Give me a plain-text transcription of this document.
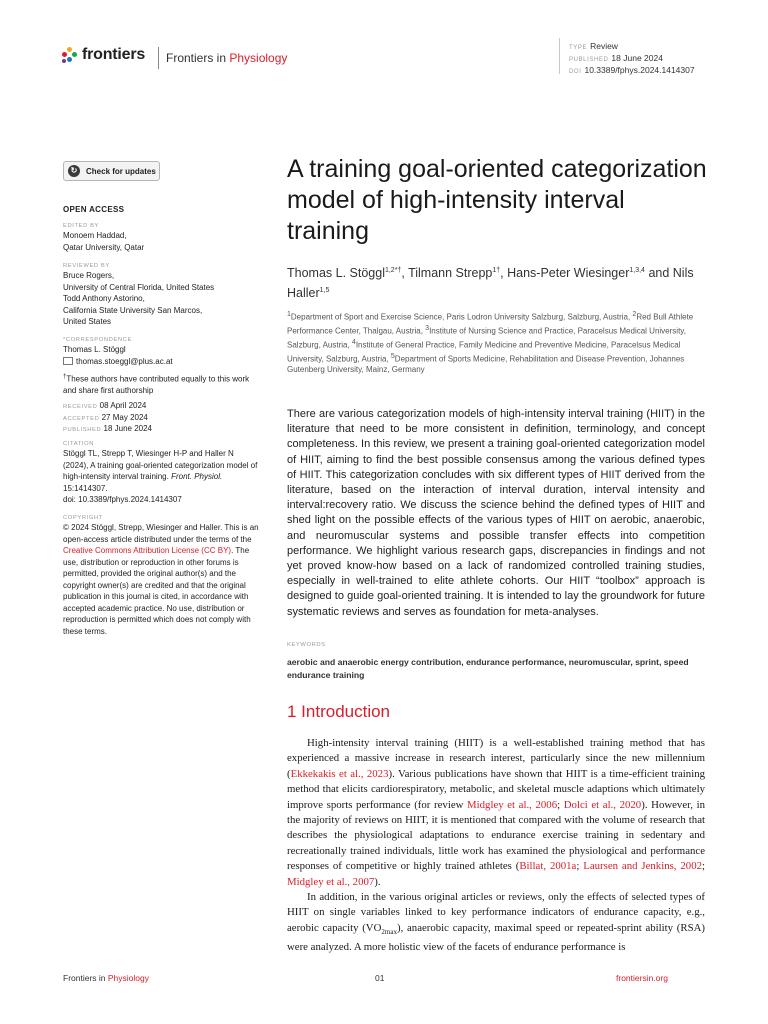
frontiers Frontiers in Physiology
TYPE Review
PUBLISHED 18 June 2024
DOI 10.3389/fphys.2024.1414307
↻	Check for updates
OPEN ACCESS
EDITED BY
Monoem Haddad,
Qatar University, Qatar
REVIEWED BY
Bruce Rogers,
University of Central Florida, United States
Todd Anthony Astorino,
California State University San Marcos,
United States
*CORRESPONDENCE
Thomas L. Stöggl
thomas.stoeggl@plus.ac.at
†These authors have contributed equally to this work and share first authorship
RECEIVED 08 April 2024
ACCEPTED 27 May 2024
PUBLISHED 18 June 2024
CITATION
Stöggl TL, Strepp T, Wiesinger H-P and Haller N (2024), A training goal-oriented categorization model of high-intensity interval training. Front. Physiol. 15:1414307.
doi: 10.3389/fphys.2024.1414307
COPYRIGHT
© 2024 Stöggl, Strepp, Wiesinger and Haller. This is an open-access article distributed under the terms of the Creative Commons Attribution License (CC BY). The use, distribution or reproduction in other forums is permitted, provided the original author(s) and the copyright owner(s) are credited and that the original publication in this journal is cited, in accordance with accepted academic practice. No use, distribution or reproduction is permitted which does not comply with these terms.
A training goal-oriented categorization model of high-intensity interval training
Thomas L. Stöggl$^{1,2*\dagger}$, Tilmann Strepp$^{1\dagger}$, Hans-Peter Wiesinger$^{1,3,4}$ and Nils Haller$^{1,5}$
$^1$Department of Sport and Exercise Science, Paris Lodron University Salzburg, Salzburg, Austria, $^2$Red Bull Athlete Performance Center, Thalgau, Austria, $^3$Institute of Nursing Science and Practice, Paracelsus Medical University, Salzburg, Austria, $^4$Institute of General Practice, Family Medicine and Preventive Medicine, Paracelsus Medical University, Salzburg, Austria, $^5$Department of Sports Medicine, Rehabilitation and Disease Prevention, Johannes Gutenberg University, Mainz, Germany
There are various categorization models of high-intensity interval training (HIIT) in the literature that need to be more consistent in definition, terminology, and concept completeness. In this review, we present a training goal-oriented categorization model of HIIT, aiming to find the best possible consensus among the various defined types of HIIT. This categorization concludes with six different types of HIIT derived from the literature, based on the interaction of interval duration, interval intensity and interval:recovery ratio. We discuss the science behind the defined types of HIIT and shed light on the possible effects of the various types of HIIT on aerobic, anaerobic, and neuromuscular systems and possible transfer effects into competition performance. We highlight various research gaps, discrepancies in findings and not yet proved know-how based on a lack of randomized controlled training studies, especially in well-trained to elite athlete cohorts. Our HIIT “toolbox” approach is designed to guide goal-oriented training. It is intended to lay the groundwork for future systematic reviews and serves as foundation for meta-analyses.
KEYWORDS
aerobic and anaerobic energy contribution, endurance performance, neuromuscular, sprint, speed endurance training
1 Introduction

High-intensity interval training (HIIT) is a well-established training method that has experienced a massive increase in research interest, particularly since the new millennium (Ekkekakis et al., 2023). Various publications have shown that HIIT is a time-efficient training method that elicits cardiorespiratory, metabolic, and skeletal muscle adaptions which ultimately improve sports performance (for review Midgley et al., 2006; Dolci et al., 2020). However, in the majority of reviews on HIIT, it is mentioned that compared with the volume of research that describes the physiological adaptations to endurance exercise training in sedentary and recreationally trained individuals, little work has examined the physiological and performance responses of competitive or highly trained athletes (Billat, 2001a; Laursen and Jenkins, 2002; Midgley et al., 2007).

In addition, in the various original articles or reviews, only the effects of selected types of HIIT on single variables linked to key performance indicators of endurance capacity, e.g., aerobic capacity $(VO_{2max})$, anaerobic capacity, maximal speed or repeated-sprint ability (RSA) were analyzed. A more holistic view of the facets of endurance performance is

Frontiers in Physiology	01	frontiersin.org
